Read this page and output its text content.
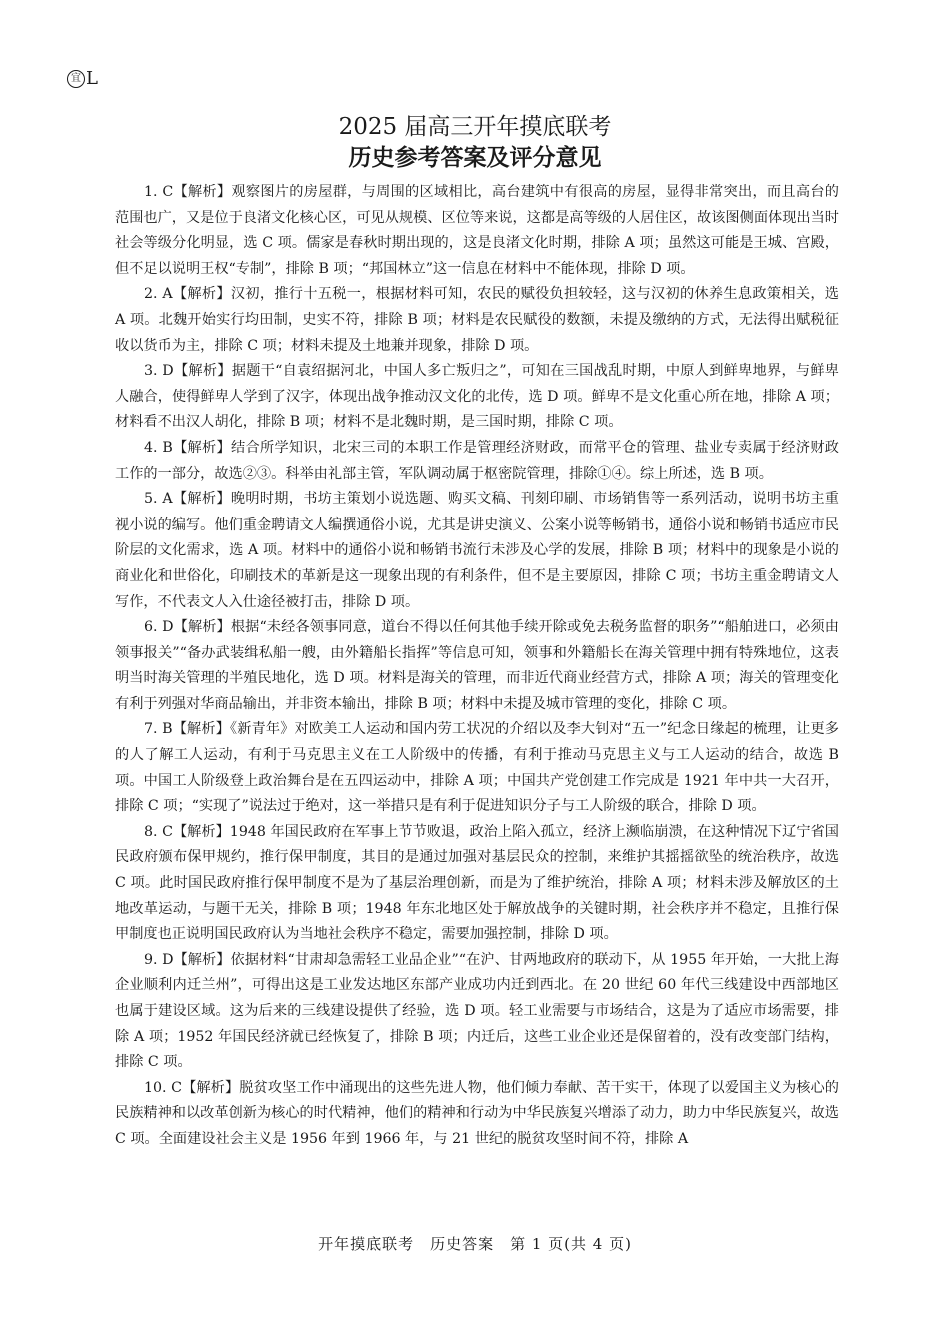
宜 L
2025 届高三开年摸底联考
历史参考答案及评分意见

1. C【解析】观察图片的房屋群，与周围的区域相比，高台建筑中有很高的房屋，显得非常突出，而且高台的范围也广，又是位于良渚文化核心区，可见从规模、区位等来说，这都是高等级的人居住区，故该图侧面体现出当时社会等级分化明显，选 C 项。儒家是春秋时期出现的，这是良渚文化时期，排除 A 项；虽然这可能是王城、宫殿，但不足以说明王权“专制”，排除 B 项；“邦国林立”这一信息在材料中不能体现，排除 D 项。

2. A【解析】汉初，推行十五税一，根据材料可知，农民的赋役负担较轻，这与汉初的休养生息政策相关，选 A 项。北魏开始实行均田制，史实不符，排除 B 项；材料是农民赋役的数额，未提及缴纳的方式，无法得出赋税征收以货币为主，排除 C 项；材料未提及土地兼并现象，排除 D 项。

3. D【解析】据题干“自袁绍据河北，中国人多亡叛归之”，可知在三国战乱时期，中原人到鲜卑地界，与鲜卑人融合，使得鲜卑人学到了汉字，体现出战争推动汉文化的北传，选 D 项。鲜卑不是文化重心所在地，排除 A 项；材料看不出汉人胡化，排除 B 项；材料不是北魏时期，是三国时期，排除 C 项。

4. B【解析】结合所学知识，北宋三司的本职工作是管理经济财政，而常平仓的管理、盐业专卖属于经济财政工作的一部分，故选②③。科举由礼部主管，军队调动属于枢密院管理，排除①④。综上所述，选 B 项。

5. A【解析】晚明时期，书坊主策划小说选题、购买文稿、刊刻印刷、市场销售等一系列活动，说明书坊主重视小说的编写。他们重金聘请文人编撰通俗小说，尤其是讲史演义、公案小说等畅销书，通俗小说和畅销书适应市民阶层的文化需求，选 A 项。材料中的通俗小说和畅销书流行未涉及心学的发展，排除 B 项；材料中的现象是小说的商业化和世俗化，印刷技术的革新是这一现象出现的有利条件，但不是主要原因，排除 C 项；书坊主重金聘请文人写作，不代表文人入仕途径被打击，排除 D 项。

6. D【解析】根据“未经各领事同意，道台不得以任何其他手续开除或免去税务监督的职务”“船舶进口，必须由领事报关”“备办武装缉私船一艘，由外籍船长指挥”等信息可知，领事和外籍船长在海关管理中拥有特殊地位，这表明当时海关管理的半殖民地化，选 D 项。材料是海关的管理，而非近代商业经营方式，排除 A 项；海关的管理变化有利于列强对华商品输出，并非资本输出，排除 B 项；材料中未提及城市管理的变化，排除 C 项。

7. B【解析】《新青年》对欧美工人运动和国内劳工状况的介绍以及李大钊对“五一”纪念日缘起的梳理，让更多的人了解工人运动，有利于马克思主义在工人阶级中的传播，有利于推动马克思主义与工人运动的结合，故选 B 项。中国工人阶级登上政治舞台是在五四运动中，排除 A 项；中国共产党创建工作完成是 1921 年中共一大召开，排除 C 项；“实现了”说法过于绝对，这一举措只是有利于促进知识分子与工人阶级的联合，排除 D 项。

8. C【解析】1948 年国民政府在军事上节节败退，政治上陷入孤立，经济上濒临崩溃，在这种情况下辽宁省国民政府颁布保甲规约，推行保甲制度，其目的是通过加强对基层民众的控制，来维护其摇摇欲坠的统治秩序，故选 C 项。此时国民政府推行保甲制度不是为了基层治理创新，而是为了维护统治，排除 A 项；材料未涉及解放区的土地改革运动，与题干无关，排除 B 项；1948 年东北地区处于解放战争的关键时期，社会秩序并不稳定，且推行保甲制度也正说明国民政府认为当地社会秩序不稳定，需要加强控制，排除 D 项。

9. D【解析】依据材料“甘肃却急需轻工业品企业”“在沪、甘两地政府的联动下，从 1955 年开始，一大批上海企业顺利内迁兰州”，可得出这是工业发达地区东部产业成功内迁到西北。在 20 世纪 60 年代三线建设中西部地区也属于建设区域。这为后来的三线建设提供了经验，选 D 项。轻工业需要与市场结合，这是为了适应市场需要，排除 A 项；1952 年国民经济就已经恢复了，排除 B 项；内迁后，这些工业企业还是保留着的，没有改变部门结构，排除 C 项。

10. C【解析】脱贫攻坚工作中涌现出的这些先进人物，他们倾力奉献、苦干实干，体现了以爱国主义为核心的民族精神和以改革创新为核心的时代精神，他们的精神和行动为中华民族复兴增添了动力，助力中华民族复兴，故选 C 项。全面建设社会主义是 1956 年到 1966 年，与 21 世纪的脱贫攻坚时间不符，排除 A

开年摸底联考　历史答案　第 1 页(共 4 页)
